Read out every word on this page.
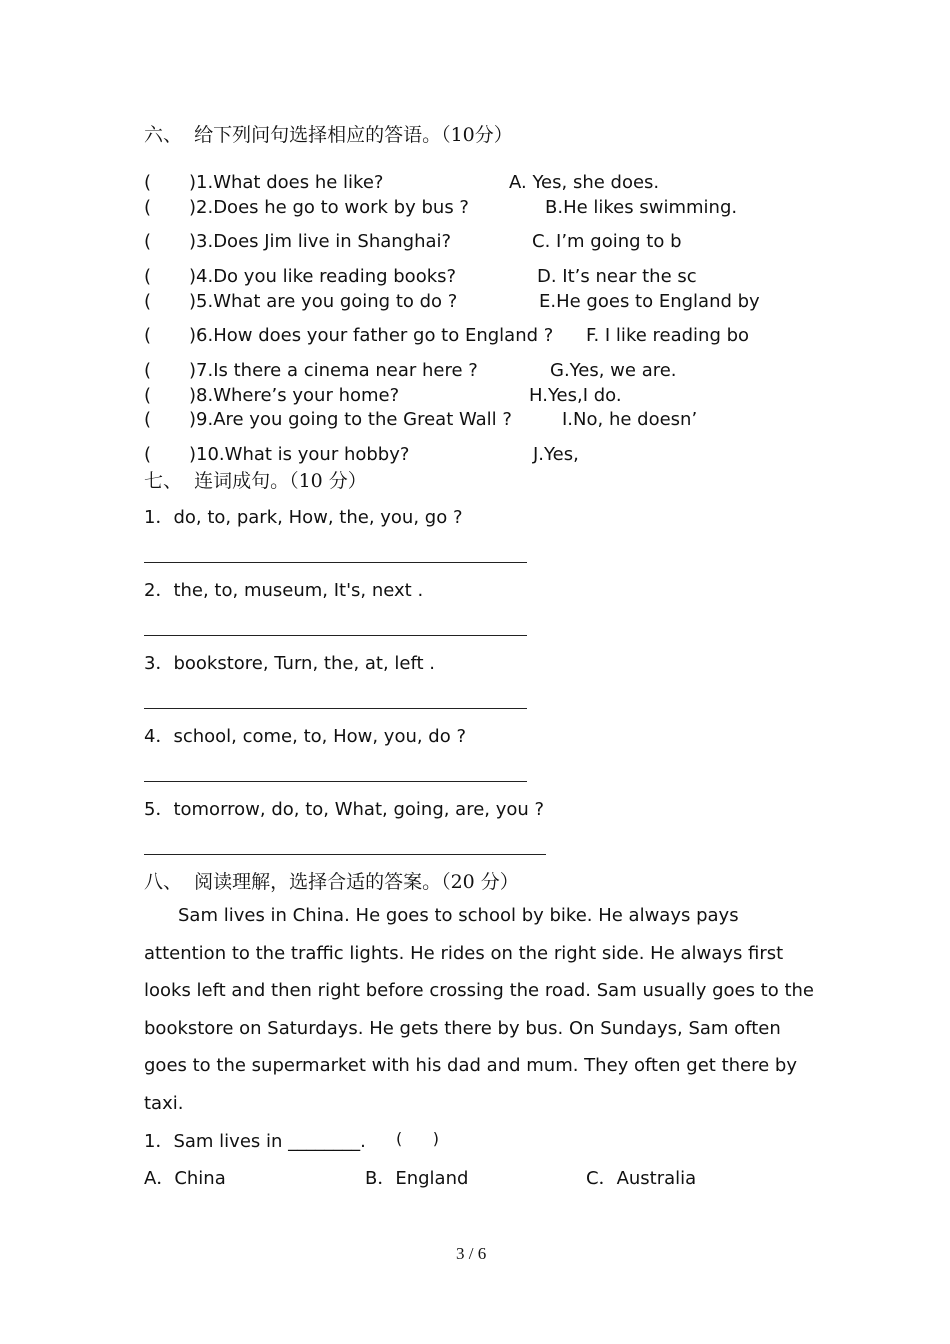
六、  给下列问句选择相应的答语。（10分）
( )1.What does he like?	A. Yes, she does.
( )2.Does he go to work by bus ?	B.He likes swimming.
( )3.Does Jim live in Shanghai?	C. I’m going to b
( )4.Do you like reading books?	D. It’s near the sc
( )5.What are you going to do ?	E.He goes to England by
( )6.How does your father go to England ? F. I like reading bo
( )7.Is there a cinema near here ?	G.Yes, we are.
( )8.Where’s your home?	H.Yes,I do.
( )9.Are you going to the Great Wall ?	I.No, he doesn’
( )10.What is your hobby?	J.Yes,
七、  连词成句。（10 分）
1．do, to, park, How, the, you, go ?
2．the, to, museum, It's, next .
3．bookstore, Turn, the, at, left .
4．school, come, to, How, you, do ?
5．tomorrow, do, to, What, going, are, you ?
八、  阅读理解，选择合适的答案。（20 分）
Sam lives in China. He goes to school by bike. He always pays attention to the traffic lights. He rides on the right side. He always first looks left and then right before crossing the road. Sam usually goes to the bookstore on Saturdays. He gets there by bus. On Sundays, Sam often goes to the supermarket with his dad and mum. They often get there by taxi.
1．Sam lives in ________. (      )
A．China	B．England	C．Australia
3 / 6
